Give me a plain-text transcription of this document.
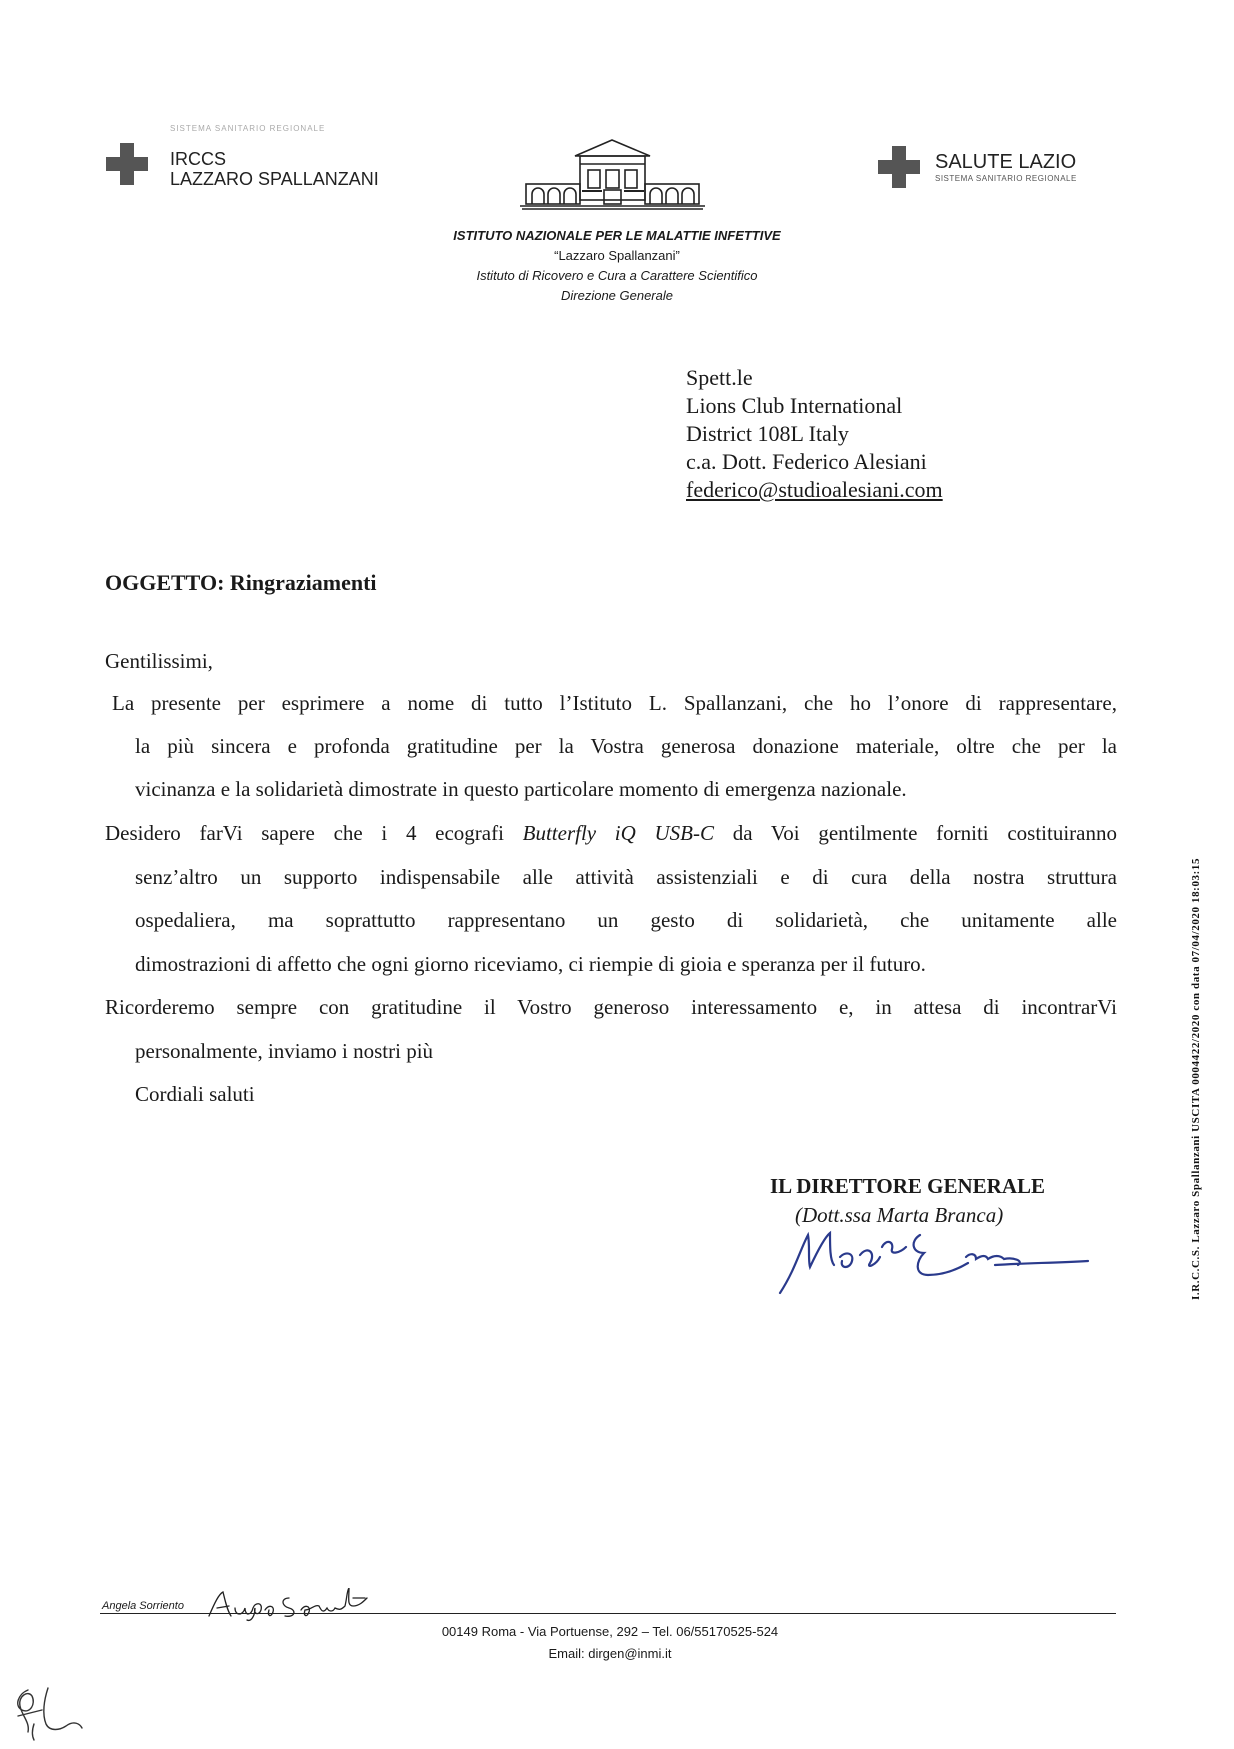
SISTEMA SANITARIO REGIONALE
IRCCS
LAZZARO SPALLANZANI
SALUTE LAZIO
SISTEMA SANITARIO REGIONALE
ISTITUTO NAZIONALE PER LE MALATTIE INFETTIVE
“Lazzaro Spallanzani”
Istituto di Ricovero e Cura a Carattere Scientifico
Direzione Generale
Spett.le
Lions Club International
District 108L Italy
c.a. Dott. Federico Alesiani
federico@studioalesiani.com
OGGETTO: Ringraziamenti
Gentilissimi,
La presente per esprimere a nome di tutto l’Istituto L. Spallanzani, che ho l’onore di rappresentare,
la più sincera e profonda gratitudine per la Vostra generosa donazione materiale, oltre che per la
vicinanza e la solidarietà dimostrate in questo particolare momento di emergenza nazionale.
Desidero farVi sapere che i 4 ecografi Butterfly iQ USB-C da Voi gentilmente forniti costituiranno
senz’altro un supporto indispensabile alle attività assistenziali e di cura della nostra struttura
ospedaliera, ma soprattutto rappresentano un gesto di solidarietà, che unitamente alle
dimostrazioni di affetto che ogni giorno riceviamo, ci riempie di gioia e speranza per il futuro.
Ricorderemo sempre con gratitudine il Vostro generoso interessamento e, in attesa di incontrarVi
personalmente, inviamo i nostri più
Cordiali saluti
IL DIRETTORE GENERALE
(Dott.ssa Marta Branca)	I.R.C.C.S. Lazzaro Spallanzani USCITA 0004422/2020 con data 07/04/2020 18:03:15
Angela Sorriento
00149 Roma - Via Portuense, 292 – Tel. 06/55170525-524
Email: dirgen@inmi.it
